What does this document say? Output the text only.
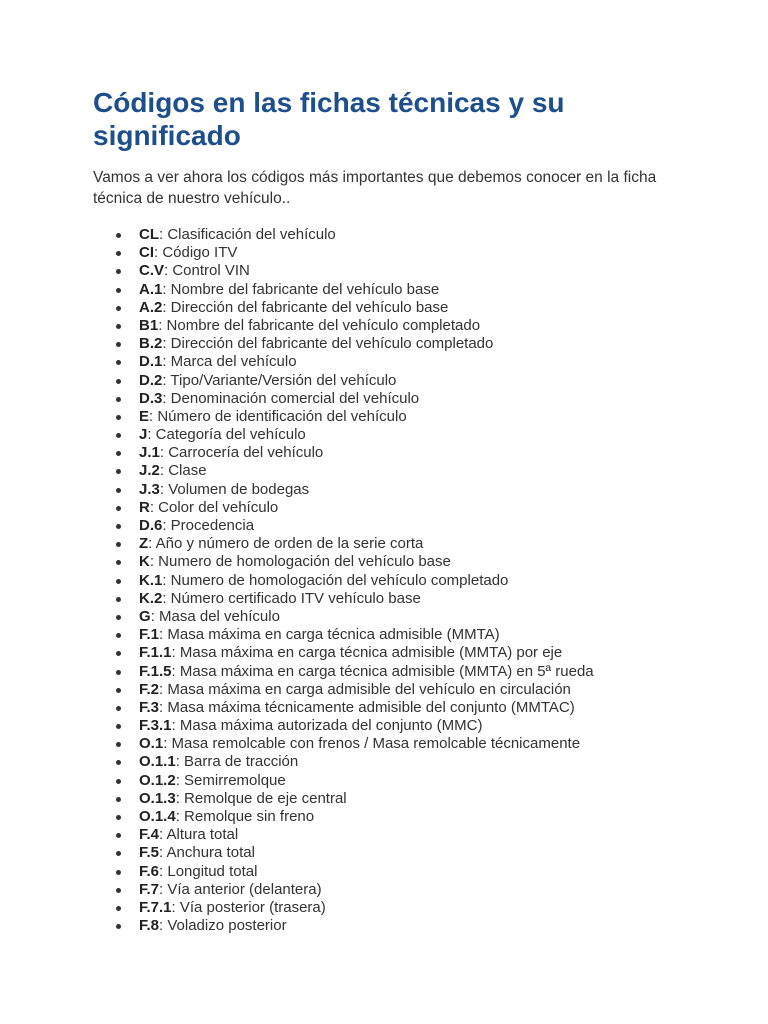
Códigos en las fichas técnicas y su significado

Vamos a ver ahora los códigos más importantes que debemos conocer en la ficha técnica de nuestro vehículo..

CL: Clasificación del vehículo
CI: Código ITV
C.V: Control VIN
A.1: Nombre del fabricante del vehículo base
A.2: Dirección del fabricante del vehículo base
B1: Nombre del fabricante del vehículo completado
B.2: Dirección del fabricante del vehículo completado
D.1: Marca del vehículo
D.2: Tipo/Variante/Versión del vehículo
D.3: Denominación comercial del vehículo
E: Número de identificación del vehículo
J: Categoría del vehículo
J.1: Carrocería del vehículo
J.2: Clase
J.3: Volumen de bodegas
R: Color del vehículo
D.6: Procedencia
Z: Año y número de orden de la serie corta
K: Numero de homologación del vehículo base
K.1: Numero de homologación del vehículo completado
K.2: Número certificado ITV vehículo base
G: Masa del vehículo
F.1: Masa máxima en carga técnica admisible (MMTA)
F.1.1: Masa máxima en carga técnica admisible (MMTA) por eje
F.1.5: Masa máxima en carga técnica admisible (MMTA) en 5ª rueda
F.2: Masa máxima en carga admisible del vehículo en circulación
F.3: Masa máxima técnicamente admisible del conjunto (MMTAC)
F.3.1: Masa máxima autorizada del conjunto (MMC)
O.1: Masa remolcable con frenos / Masa remolcable técnicamente
O.1.1: Barra de tracción
O.1.2: Semirremolque
O.1.3: Remolque de eje central
O.1.4: Remolque sin freno
F.4: Altura total
F.5: Anchura total
F.6: Longitud total
F.7: Vía anterior (delantera)
F.7.1: Vía posterior (trasera)
F.8: Voladizo posterior
